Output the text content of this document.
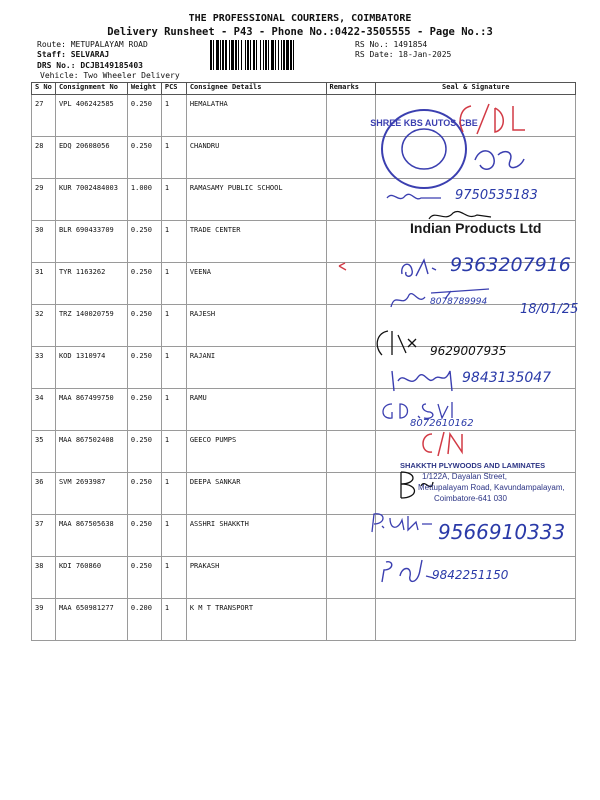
THE PROFESSIONAL COURIERS, COIMBATORE
Delivery Runsheet - P43 - Phone No.:0422-3505555 - Page No.:3
Route: METUPALAYAM ROAD
Staff: SELVARAJ
DRS No.: DCJB149185403
Vehicle: Two Wheeler Delivery
RS No.: 1491854
RS Date: 18-Jan-2025
S No	Consignment No	Weight	PCS	Consignee Details	Remarks	Seal & Signature
27	VPL 406242585	0.250	1	HEMALATHA		
28	EDQ 20608056	0.250	1	CHANDRU		
29	KUR 7002484003	1.000	1	RAMASAMY PUBLIC SCHOOL		
30	BLR 690433709	0.250	1	TRADE CENTER		
31	TYR 1163262	0.250	1	VEENA		
32	TRZ 140020759	0.250	1	RAJESH		
33	KOD 1310974	0.250	1	RAJANI		
34	MAA 867499750	0.250	1	RAMU		
35	MAA 867502408	0.250	1	GEECO PUMPS		
36	SVM 2693987	0.250	1	DEEPA SANKAR		
37	MAA 867505638	0.250	1	ASSHRI SHAKKTH		
38	KDI 760860	0.250	1	PRAKASH		
39	MAA 650981277	0.200	1	K M T TRANSPORT		
SHREE KBS AUTOS CBE
9750535183
Indian Products Ltd
9363207916
8078789994	18/01/25
9629007935
9843135047
8072610162
SHAKKTH PLYWOODS AND LAMINATES
1/122A, Dayalan Street,
Mettupalayam Road, Kavundampalayam,
Coimbatore-641 030
9566910333
9842251150
